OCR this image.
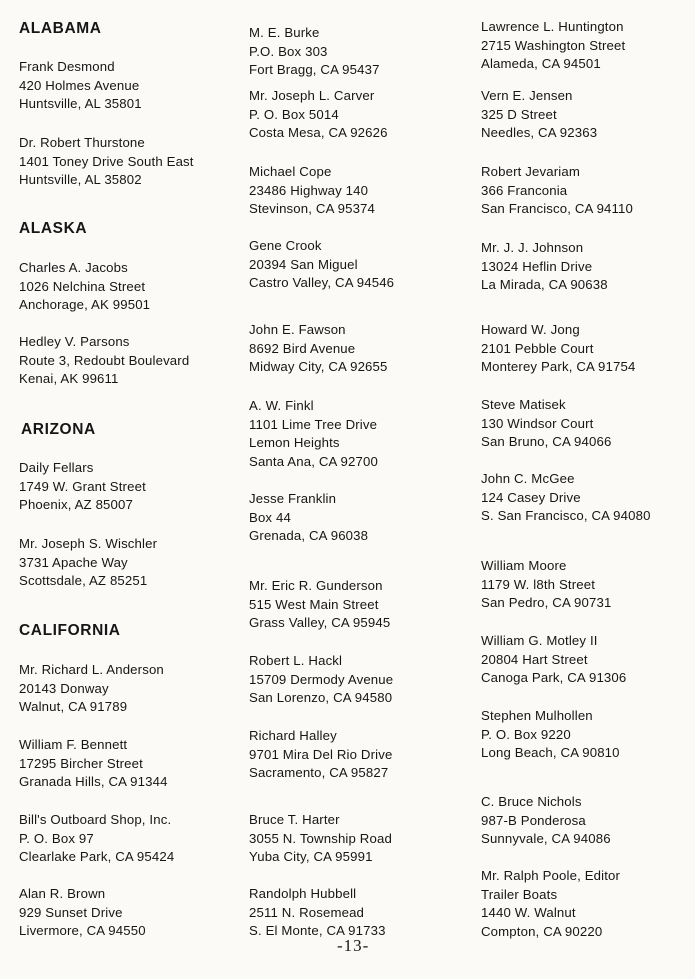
ALABAMA
ALASKA
ARIZONA
CALIFORNIA
Frank Desmond
420 Holmes Avenue
Huntsville, AL 35801
Dr. Robert Thurstone
1401 Toney Drive South East
Huntsville, AL 35802
Charles A. Jacobs
1026 Nelchina Street
Anchorage, AK 99501
Hedley V. Parsons
Route 3, Redoubt Boulevard
Kenai, AK 99611
Daily Fellars
1749 W. Grant Street
Phoenix, AZ 85007
Mr. Joseph S. Wischler
3731 Apache Way
Scottsdale, AZ 85251
Mr. Richard L. Anderson
20143 Donway
Walnut, CA 91789
William F. Bennett
17295 Bircher Street
Granada Hills, CA 91344
Bill's Outboard Shop, Inc.
P. O. Box 97
Clearlake Park, CA 95424
Alan R. Brown
929 Sunset Drive
Livermore, CA 94550
M. E. Burke
P.O. Box 303
Fort Bragg, CA 95437
Mr. Joseph L. Carver
P. O. Box 5014
Costa Mesa, CA 92626
Michael Cope
23486 Highway 140
Stevinson, CA 95374
Gene Crook
20394 San Miguel
Castro Valley, CA 94546
John E. Fawson
8692 Bird Avenue
Midway City, CA 92655
A. W. Finkl
1101 Lime Tree Drive
Lemon Heights
Santa Ana, CA 92700
Jesse Franklin
Box 44
Grenada, CA 96038
Mr. Eric R. Gunderson
515 West Main Street
Grass Valley, CA 95945
Robert L. Hackl
15709 Dermody Avenue
San Lorenzo, CA 94580
Richard Halley
9701 Mira Del Rio Drive
Sacramento, CA 95827
Bruce T. Harter
3055 N. Township Road
Yuba City, CA 95991
Randolph Hubbell
2511 N. Rosemead
S. El Monte, CA 91733
Lawrence L. Huntington
2715 Washington Street
Alameda, CA 94501
Vern E. Jensen
325 D Street
Needles, CA 92363
Robert Jevariam
366 Franconia
San Francisco, CA 94110
Mr. J. J. Johnson
13024 Heflin Drive
La Mirada, CA 90638
Howard W. Jong
2101 Pebble Court
Monterey Park, CA 91754
Steve Matisek
130 Windsor Court
San Bruno, CA 94066
John C. McGee
124 Casey Drive
S. San Francisco, CA 94080
William Moore
1179 W. l8th Street
San Pedro, CA 90731
William G. Motley II
20804 Hart Street
Canoga Park, CA 91306
Stephen Mulhollen
P. O. Box 9220
Long Beach, CA 90810
C. Bruce Nichols
987-B Ponderosa
Sunnyvale, CA 94086
Mr. Ralph Poole, Editor
Trailer Boats
1440 W. Walnut
Compton, CA 90220
-13-
